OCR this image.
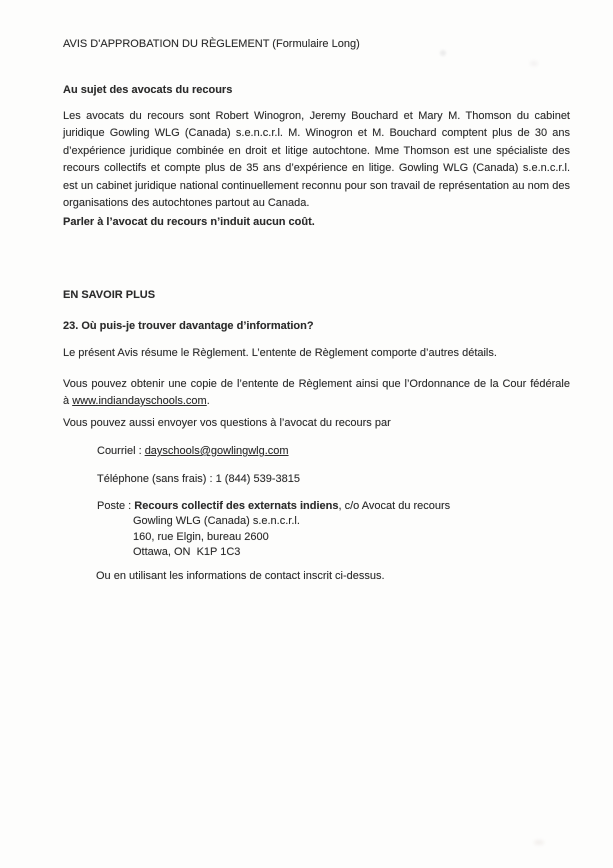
AVIS D'APPROBATION DU RÈGLEMENT (Formulaire Long)
Au sujet des avocats du recours
Les avocats du recours sont Robert Winogron, Jeremy Bouchard et Mary M. Thomson du cabinet
juridique Gowling WLG (Canada) s.e.n.c.r.l. M. Winogron et M. Bouchard comptent plus de 30 ans
d’expérience juridique combinée en droit et litige autochtone. Mme Thomson est une spécialiste des
recours collectifs et compte plus de 35 ans d’expérience en litige. Gowling WLG (Canada) s.e.n.c.r.l.
est un cabinet juridique national continuellement reconnu pour son travail de représentation au nom des
organisations des autochtones partout au Canada.
Parler à l’avocat du recours n’induit aucun coût.
EN SAVOIR PLUS
23. Où puis-je trouver davantage d’information?
Le présent Avis résume le Règlement. L’entente de Règlement comporte d’autres détails.
Vous pouvez obtenir une copie de l’entente de Règlement ainsi que l’Ordonnance de la Cour fédérale
à www.indiandayschools.com.
Vous pouvez aussi envoyer vos questions à l’avocat du recours par
Courriel : dayschools@gowlingwlg.com
Téléphone (sans frais) : 1 (844) 539-3815
Poste : Recours collectif des externats indiens, c/o Avocat du recours
Gowling WLG (Canada) s.e.n.c.r.l.
160, rue Elgin, bureau 2600
Ottawa, ON  K1P 1C3
Ou en utilisant les informations de contact inscrit ci-dessus.
